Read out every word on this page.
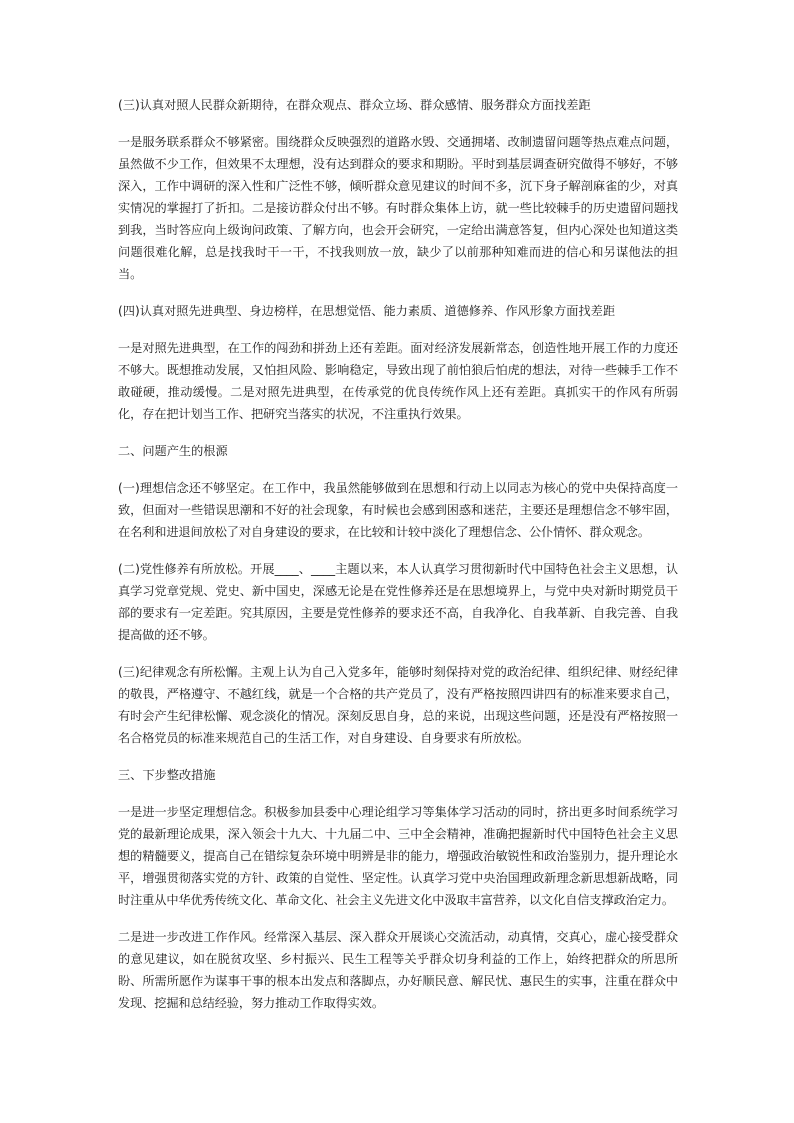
(三)认真对照人民群众新期待，在群众观点、群众立场、群众感情、服务群众方面找差距

一是服务联系群众不够紧密。围绕群众反映强烈的道路水毁、交通拥堵、改制遗留问题等热点难点问题，虽然做不少工作，但效果不太理想，没有达到群众的要求和期盼。平时到基层调查研究做得不够好，不够深入，工作中调研的深入性和广泛性不够，倾听群众意见建议的时间不多，沉下身子解剖麻雀的少，对真实情况的掌握打了折扣。二是接访群众付出不够。有时群众集体上访，就一些比较棘手的历史遗留问题找到我，当时答应向上级询问政策、了解方向，也会开会研究，一定给出满意答复，但内心深处也知道这类问题很难化解，总是找我时干一干，不找我则放一放，缺少了以前那种知难而进的信心和另谋他法的担当。

(四)认真对照先进典型、身边榜样，在思想觉悟、能力素质、道德修养、作风形象方面找差距

一是对照先进典型，在工作的闯劲和拼劲上还有差距。面对经济发展新常态，创造性地开展工作的力度还不够大。既想推动发展，又怕担风险、影响稳定，导致出现了前怕狼后怕虎的想法，对待一些棘手工作不敢碰硬，推动缓慢。二是对照先进典型，在传承党的优良传统作风上还有差距。真抓实干的作风有所弱化，存在把计划当工作、把研究当落实的状况，不注重执行效果。

二、问题产生的根源

(一)理想信念还不够坚定。在工作中，我虽然能够做到在思想和行动上以同志为核心的党中央保持高度一致，但面对一些错误思潮和不好的社会现象，有时候也会感到困惑和迷茫，主要还是理想信念不够牢固，在名利和进退间放松了对自身建设的要求，在比较和计较中淡化了理想信念、公仆情怀、群众观念。

(二)党性修养有所放松。开展____、____主题以来，本人认真学习贯彻新时代中国特色社会主义思想，认真学习党章党规、党史、新中国史，深感无论是在党性修养还是在思想境界上，与党中央对新时期党员干部的要求有一定差距。究其原因，主要是党性修养的要求还不高，自我净化、自我革新、自我完善、自我提高做的还不够。

(三)纪律观念有所松懈。主观上认为自己入党多年，能够时刻保持对党的政治纪律、组织纪律、财经纪律的敬畏，严格遵守、不越红线，就是一个合格的共产党员了，没有严格按照四讲四有的标准来要求自己，有时会产生纪律松懈、观念淡化的情况。深刻反思自身，总的来说，出现这些问题，还是没有严格按照一名合格党员的标准来规范自己的生活工作，对自身建设、自身要求有所放松。

三、下步整改措施

一是进一步坚定理想信念。积极参加县委中心理论组学习等集体学习活动的同时，挤出更多时间系统学习党的最新理论成果，深入领会十九大、十九届二中、三中全会精神，准确把握新时代中国特色社会主义思想的精髓要义，提高自己在错综复杂环境中明辨是非的能力，增强政治敏锐性和政治鉴别力，提升理论水平，增强贯彻落实党的方针、政策的自觉性、坚定性。认真学习党中央治国理政新理念新思想新战略，同时注重从中华优秀传统文化、革命文化、社会主义先进文化中汲取丰富营养，以文化自信支撑政治定力。

二是进一步改进工作作风。经常深入基层、深入群众开展谈心交流活动，动真情，交真心，虚心接受群众的意见建议，如在脱贫攻坚、乡村振兴、民生工程等关乎群众切身利益的工作上，始终把群众的所思所盼、所需所愿作为谋事干事的根本出发点和落脚点，办好顺民意、解民忧、惠民生的实事，注重在群众中发现、挖掘和总结经验，努力推动工作取得实效。
